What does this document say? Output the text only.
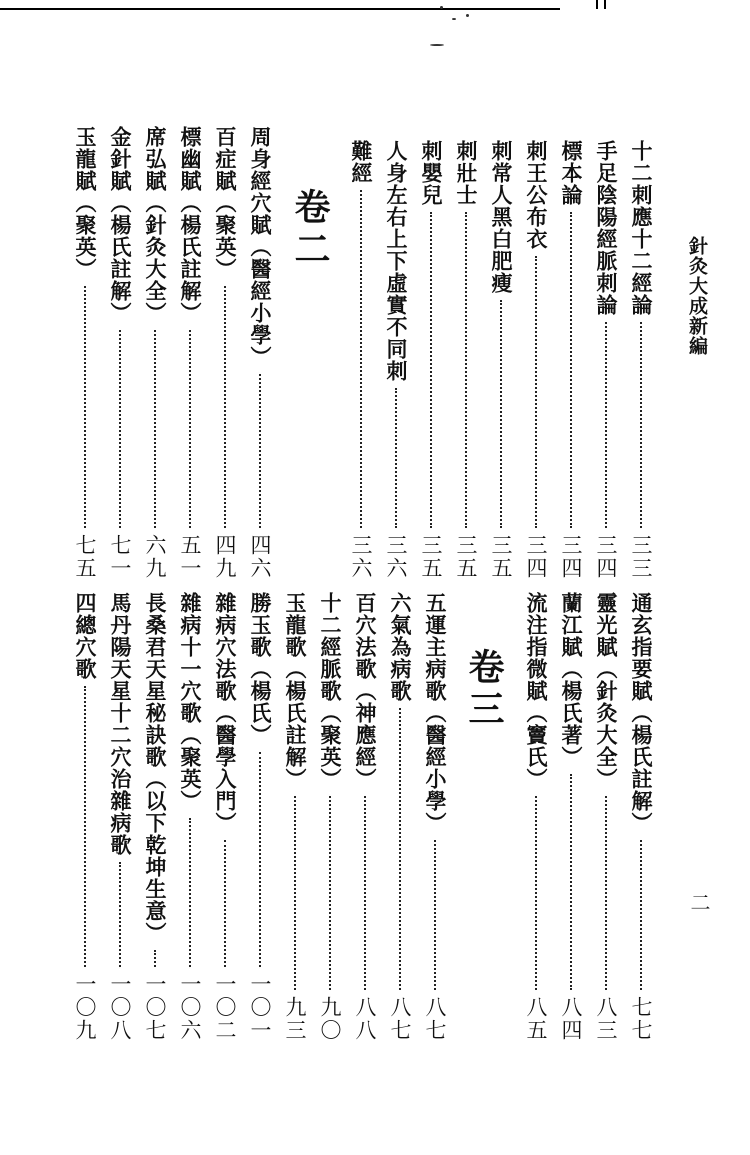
針灸大成新編
二
卷二
卷三
十二刺應十二經論
三三
手足陰陽經脈刺論
三四
標本論
三四
刺王公布衣
三四
刺常人黑白肥瘦
三五
刺壯士
三五
刺嬰兒
三五
人身左右上下虛實不同刺
三六
難經
三六
周身經穴賦（醫經小學）
四六
百症賦（聚英）
四九
標幽賦（楊氏註解）
五一
席弘賦（針灸大全）
六九
金針賦（楊氏註解）
七一
玉龍賦（聚英）
七五
通玄指要賦（楊氏註解）
七七
靈光賦（針灸大全）
八三
蘭江賦（楊氏著）
八四
流注指微賦（竇氏）
八五
五運主病歌（醫經小學）
八七
六氣為病歌
八七
百穴法歌（神應經）
八八
十二經脈歌（聚英）
九〇
玉龍歌（楊氏註解）
九三
勝玉歌（楊氏）
一〇一
雜病穴法歌（醫學入門）
一〇二
雜病十一穴歌（聚英）
一〇六
長桑君天星秘訣歌（以下乾坤生意）
一〇七
馬丹陽天星十二穴治雜病歌
一〇八
四總穴歌
一〇九
